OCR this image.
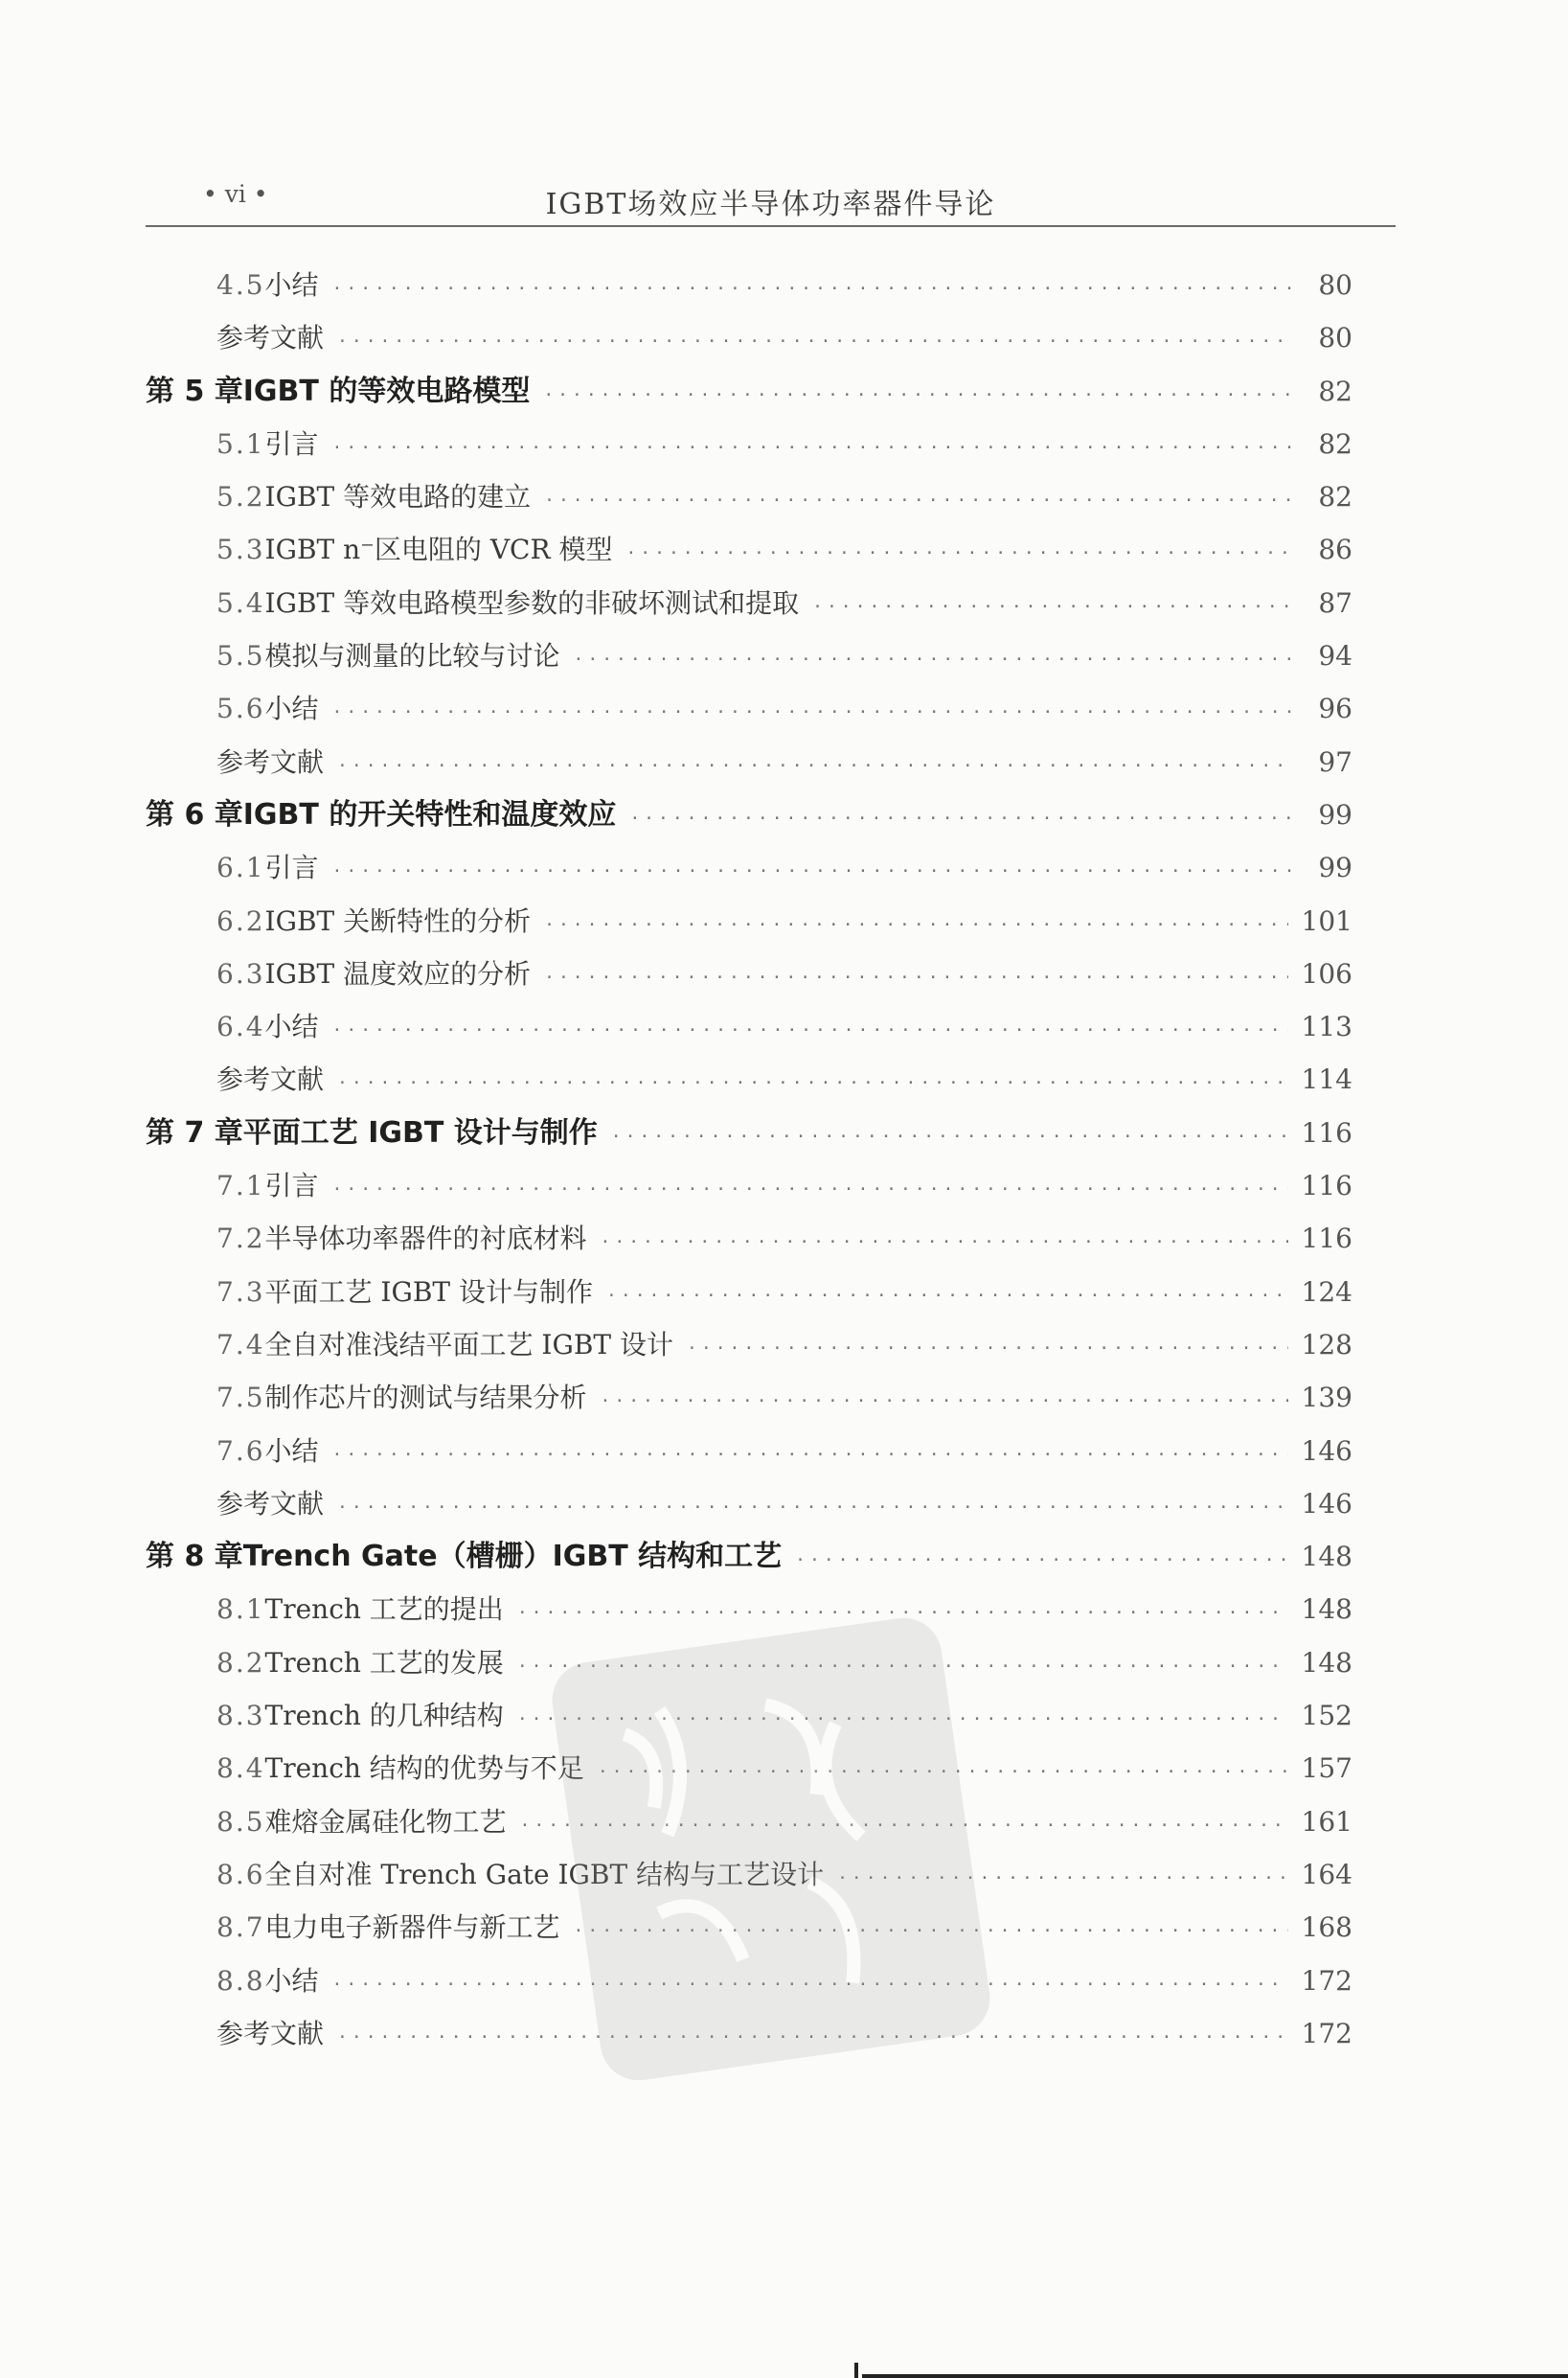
• vi •	IGBT场效应半导体功率器件导论
4.5 小结 ·····	80
参考文献 ·····	80
第 5 章 IGBT 的等效电路模型 ·····	82
5.1 引言 ·····	82
5.2 IGBT 等效电路的建立 ·····	82
5.3 IGBT n⁻区电阻的 VCR 模型 ·····	86
5.4 IGBT 等效电路模型参数的非破坏测试和提取 ·····	87
5.5 模拟与测量的比较与讨论 ·····	94
5.6 小结 ·····	96
参考文献 ·····	97
第 6 章 IGBT 的开关特性和温度效应 ·····	99
6.1 引言 ·····	99
6.2 IGBT 关断特性的分析 ·····	101
6.3 IGBT 温度效应的分析 ·····	106
6.4 小结 ·····	113
参考文献 ·····	114
第 7 章 平面工艺 IGBT 设计与制作 ·····	116
7.1 引言 ·····	116
7.2 半导体功率器件的衬底材料 ·····	116
7.3 平面工艺 IGBT 设计与制作 ·····	124
7.4 全自对准浅结平面工艺 IGBT 设计 ·····	128
7.5 制作芯片的测试与结果分析 ·····	139
7.6 小结 ·····	146
参考文献 ·····	146
第 8 章 Trench Gate（槽栅）IGBT 结构和工艺 ·····	148
8.1 Trench 工艺的提出 ·····	148
8.2 Trench 工艺的发展 ·····	148
8.3 Trench 的几种结构 ·····	152
8.4 Trench 结构的优势与不足 ·····	157
8.5 难熔金属硅化物工艺 ·····	161
8.6 全自对准 Trench Gate IGBT 结构与工艺设计 ·····	164
8.7 电力电子新器件与新工艺 ·····	168
8.8 小结 ·····	172
参考文献 ·····	172
